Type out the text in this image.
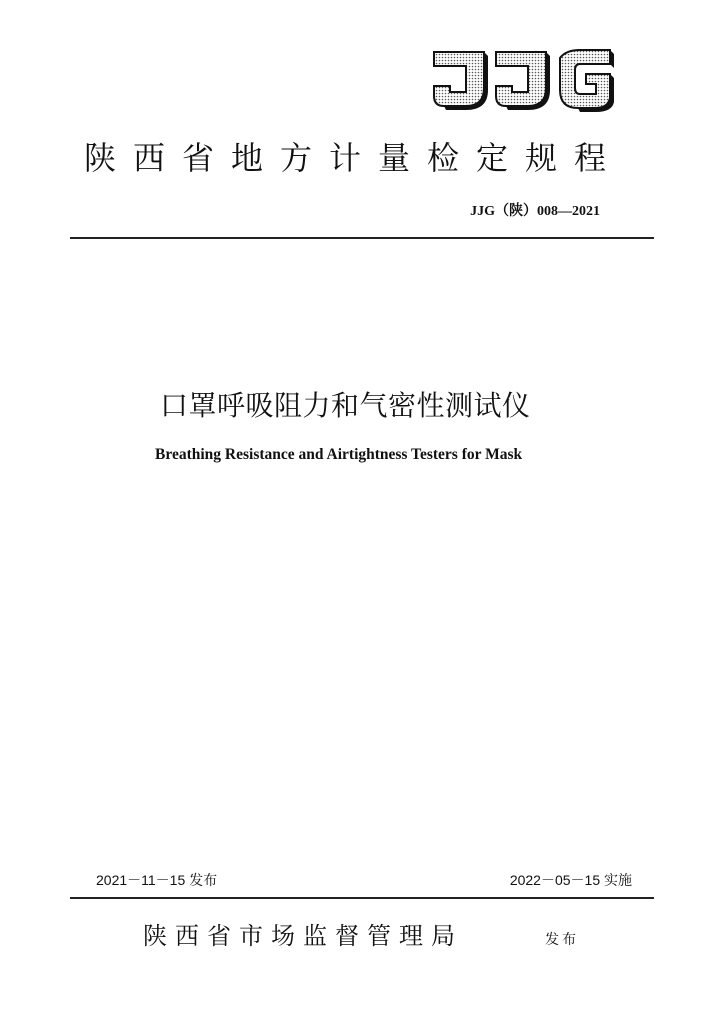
陕西省地方计量检定规程
JJG（陕）008—2021
口罩呼吸阻力和气密性测试仪
Breathing Resistance and Airtightness Testers for Mask
2021－11－15 发布	2022－05－15 实施
陕西省市场监督管理局	发布
